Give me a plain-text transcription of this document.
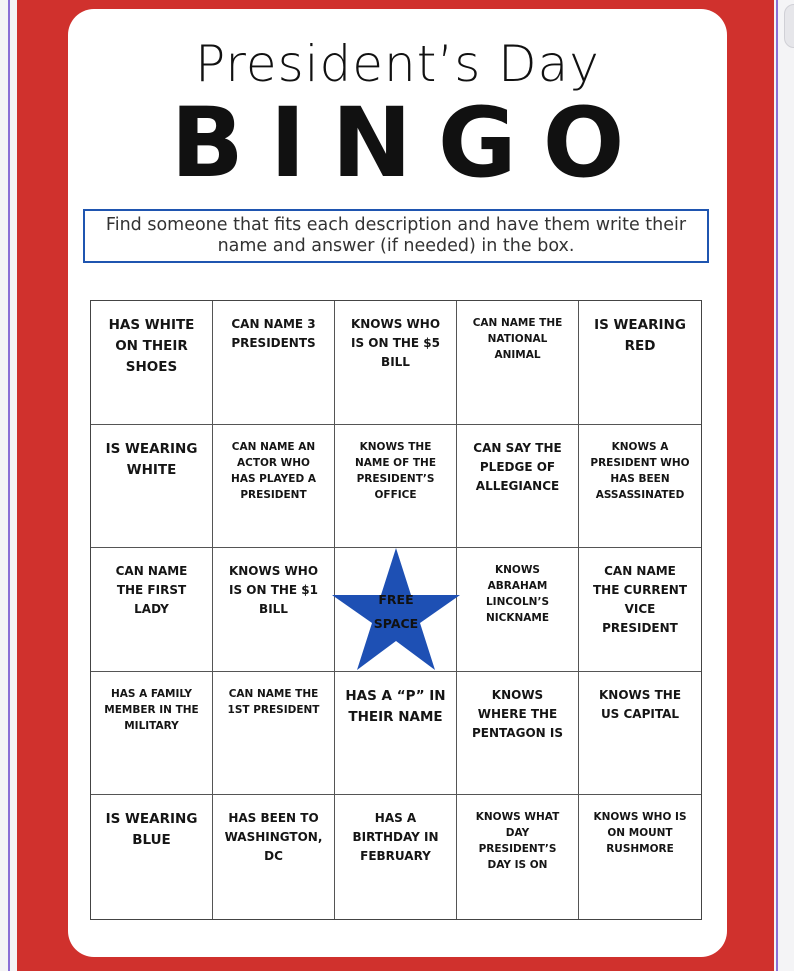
President’s Day
BINGO
Find someone that fits each description and have them write their name and answer (if needed) in the box.
HAS WHITE ON THEIR SHOES
CAN NAME 3 PRESIDENTS
KNOWS WHO IS ON THE $5 BILL
CAN NAME THE NATIONAL ANIMAL
IS WEARING RED
IS WEARING WHITE
CAN NAME AN ACTOR WHO HAS PLAYED A PRESIDENT
KNOWS THE NAME OF THE PRESIDENT’S OFFICE
CAN SAY THE PLEDGE OF ALLEGIANCE
KNOWS A PRESIDENT WHO HAS BEEN ASSASSINATED
CAN NAME THE FIRST LADY
KNOWS WHO IS ON THE $1 BILL
FREE
SPACE
KNOWS ABRAHAM LINCOLN’S NICKNAME
CAN NAME THE CURRENT VICE PRESIDENT
HAS A FAMILY MEMBER IN THE MILITARY
CAN NAME THE 1ST PRESIDENT
HAS A “P” IN THEIR NAME
KNOWS WHERE THE PENTAGON IS
KNOWS THE US CAPITAL
IS WEARING BLUE
HAS BEEN TO WASHINGTON, DC
HAS A BIRTHDAY IN FEBRUARY
KNOWS WHAT DAY PRESIDENT’S DAY IS ON
KNOWS WHO IS ON MOUNT RUSHMORE
